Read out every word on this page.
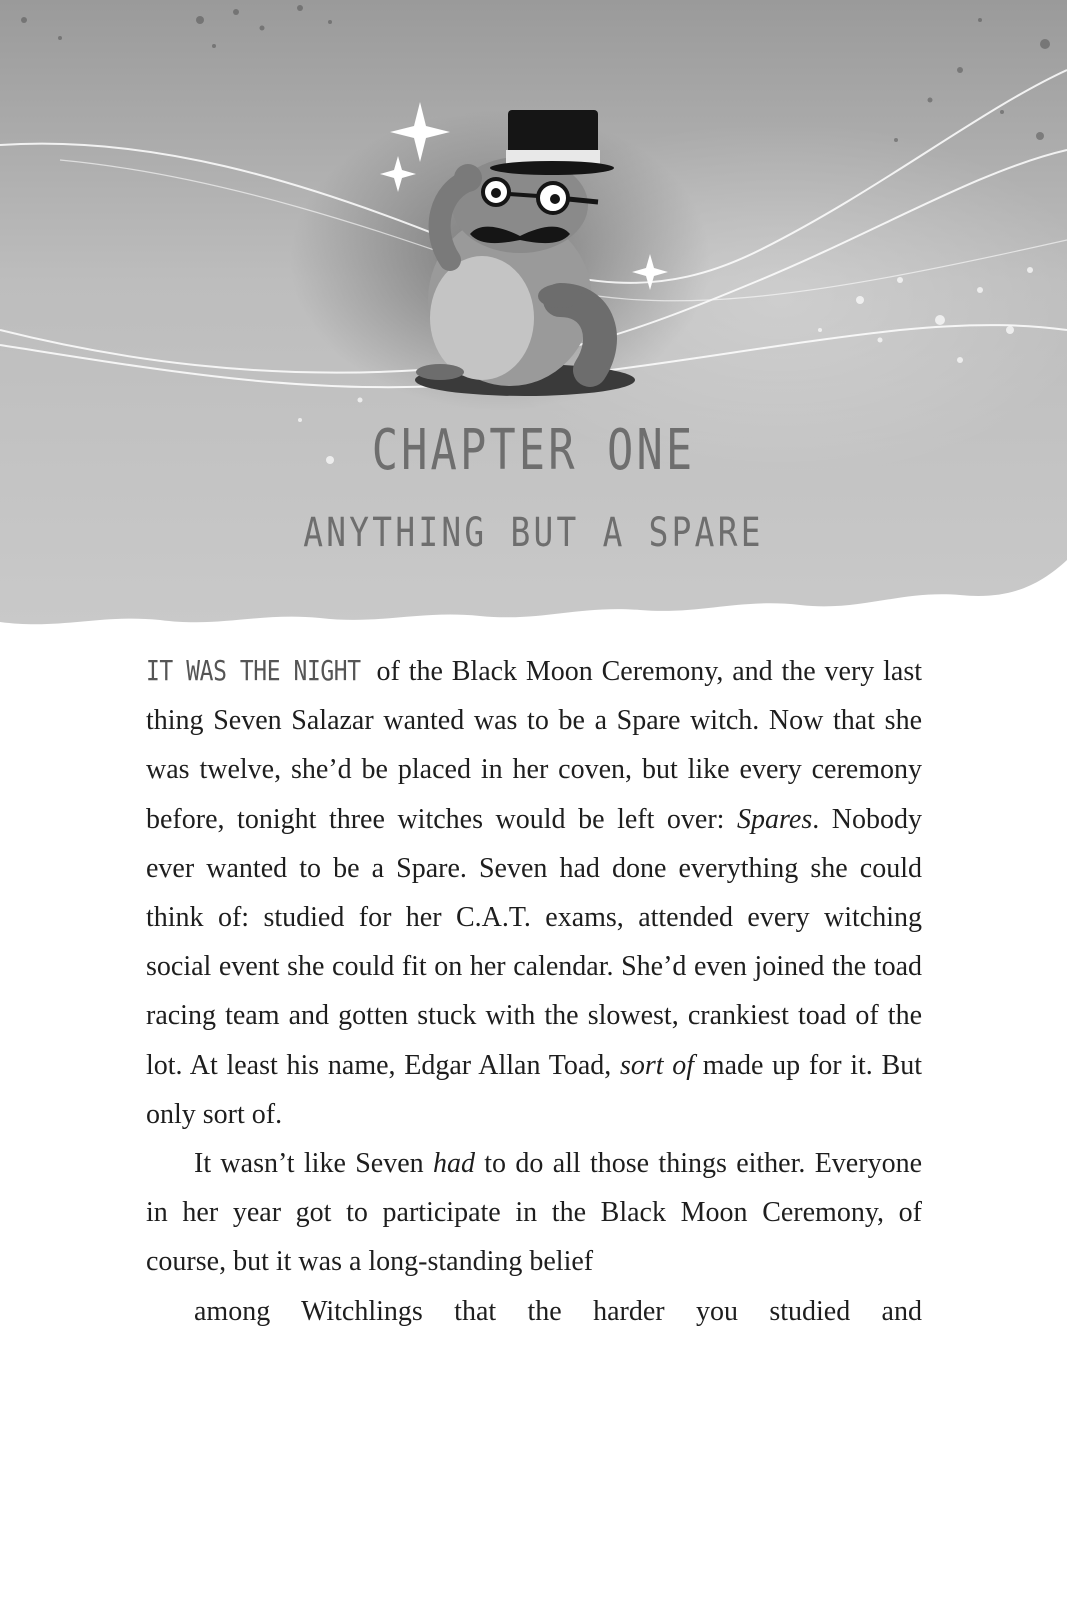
CHAPTER ONE
ANYTHING BUT A SPARE

IT WAS THE NIGHT of the Black Moon Ceremony, and the very last thing Seven Salazar wanted was to be a Spare witch. Now that she was twelve, she’d be placed in her coven, but like every ceremony before, tonight three witches would be left over: Spares. Nobody ever wanted to be a Spare. Seven had done everything she could think of: studied for her C.A.T. exams, attended every witching social event she could fit on her calendar. She’d even joined the toad racing team and gotten stuck with the slowest, crankiest toad of the lot. At least his name, Edgar Allan Toad, sort of made up for it. But only sort of.

It wasn’t like Seven had to do all those things either. Everyone in her year got to participate in the Black Moon Ceremony, of course, but it was a long-standing belief
among Witchlings that the harder you studied and
